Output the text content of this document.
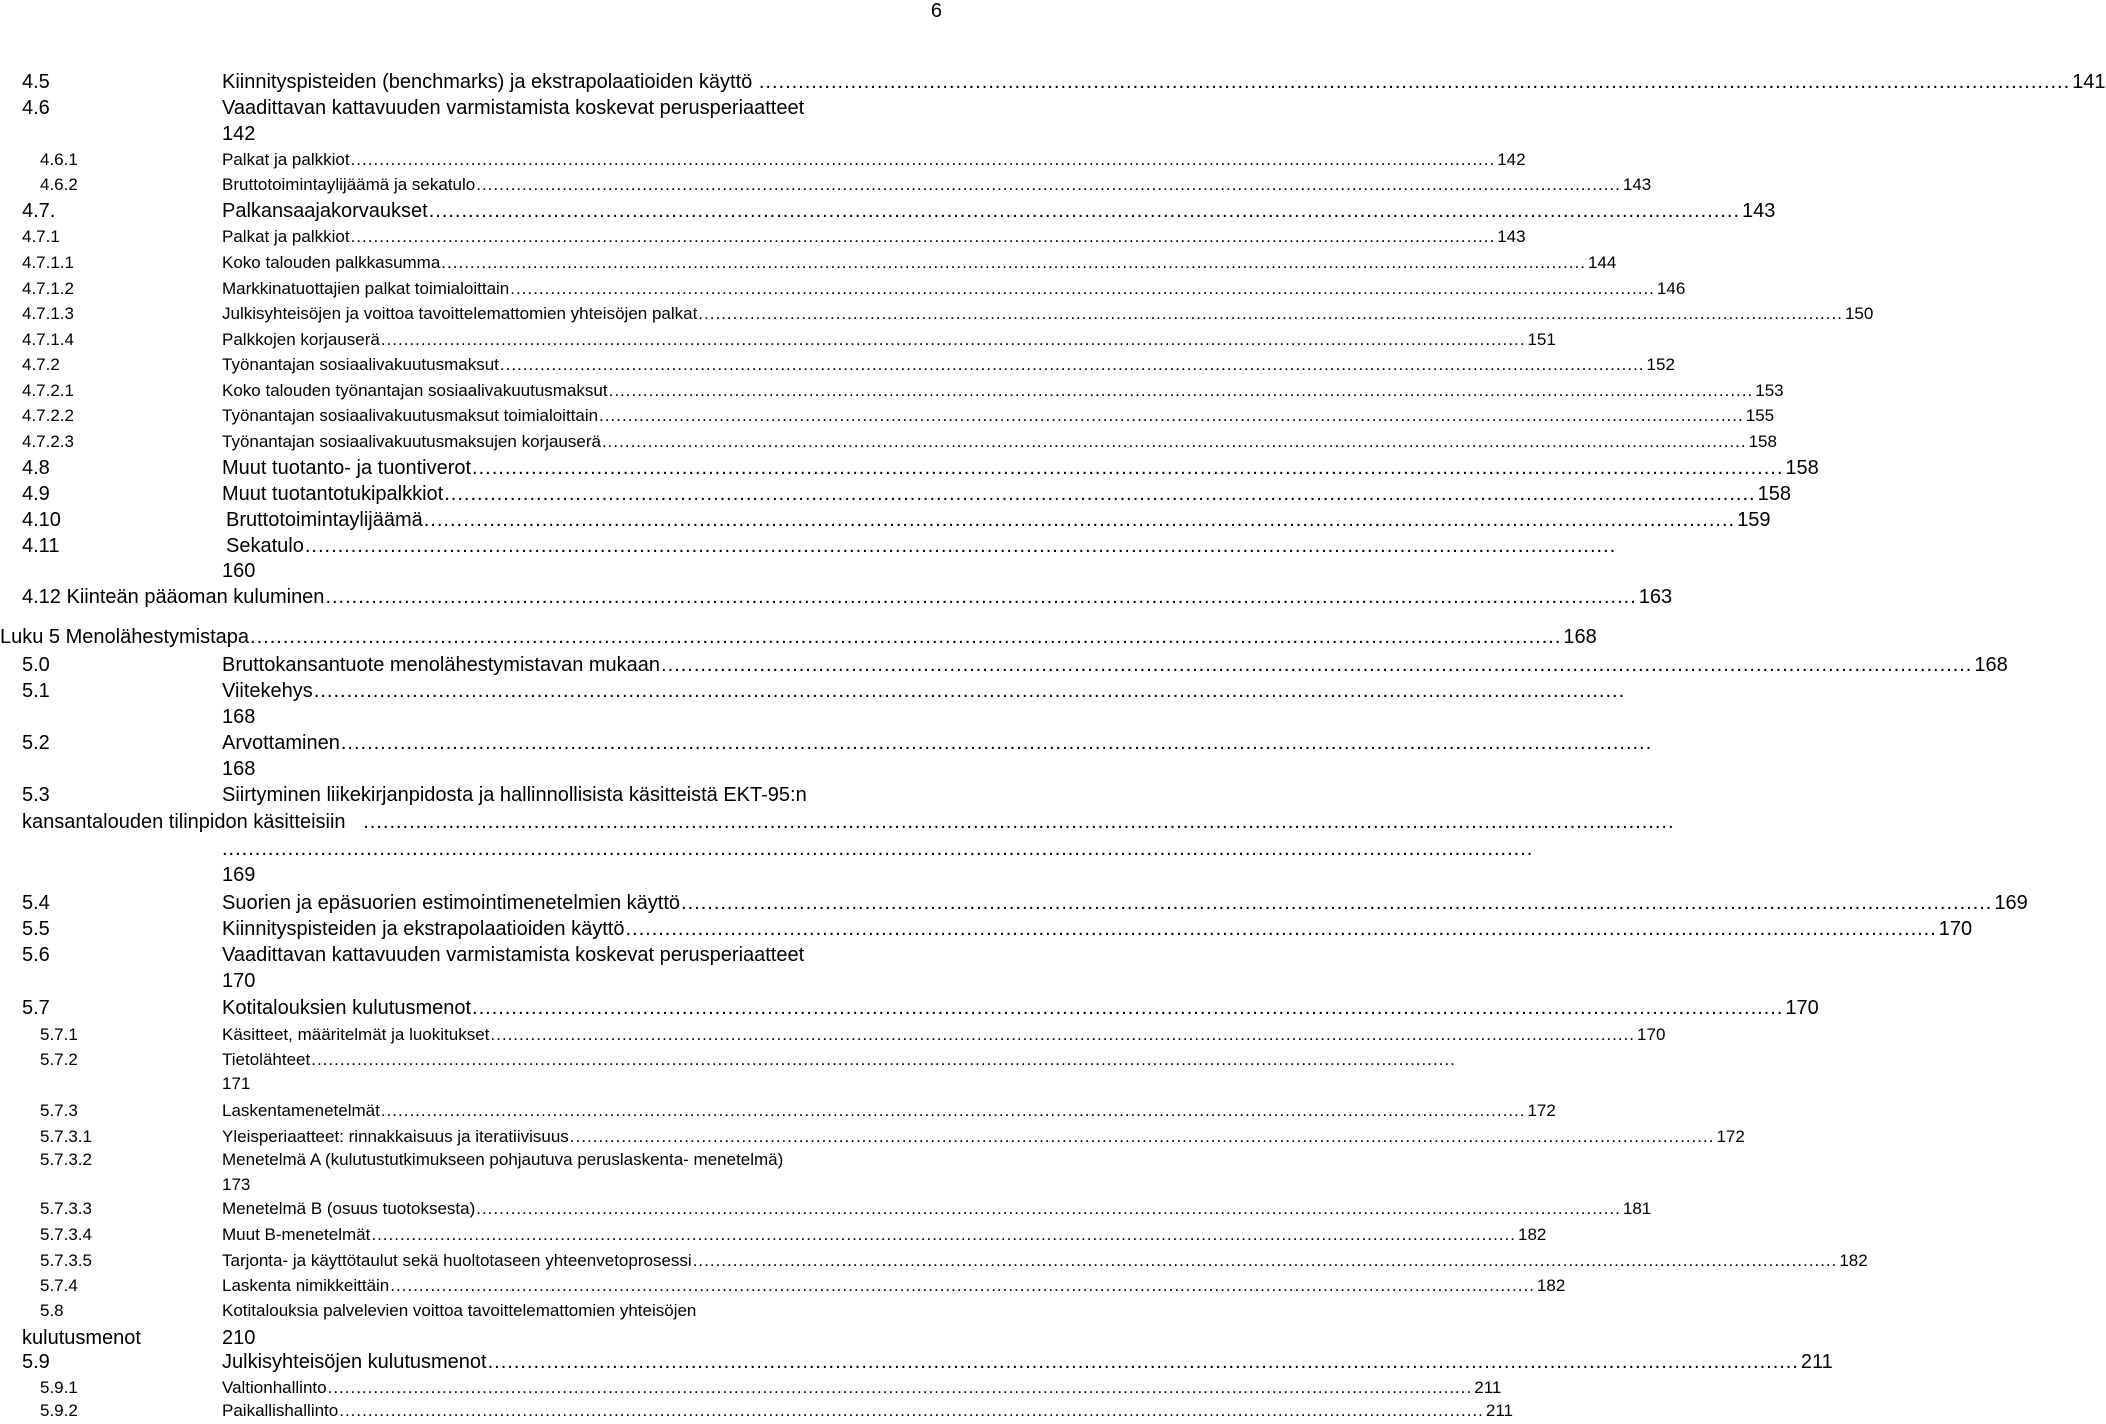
6
4.5	Kiinnityspisteiden (benchmarks) ja ekstrapolaatioiden käyttö ........................................................................................................................................................................................................ 141
4.6	Vaadittavan kattavuuden varmistamista koskevat perusperiaatteet
142
4.6.1	Palkat ja palkkiot ........................................................................................................................................................................................................ 142
4.6.2	Bruttotoimintaylijäämä ja sekatulo ........................................................................................................................................................................................................ 143
4.7.	Palkansaajakorvaukset ........................................................................................................................................................................................................ 143
4.7.1	Palkat ja palkkiot ........................................................................................................................................................................................................ 143
4.7.1.1	Koko talouden palkkasumma ........................................................................................................................................................................................................ 144
4.7.1.2	Markkinatuottajien palkat toimialoittain ........................................................................................................................................................................................................ 146
4.7.1.3	Julkisyhteisöjen ja voittoa tavoittelemattomien yhteisöjen palkat ........................................................................................................................................................................................................ 150
4.7.1.4	Palkkojen korjauserä ........................................................................................................................................................................................................ 151
4.7.2	Työnantajan sosiaalivakuutusmaksut ........................................................................................................................................................................................................ 152
4.7.2.1	Koko talouden työnantajan sosiaalivakuutusmaksut ........................................................................................................................................................................................................ 153
4.7.2.2	Työnantajan sosiaalivakuutusmaksut toimialoittain ........................................................................................................................................................................................................ 155
4.7.2.3	Työnantajan sosiaalivakuutusmaksujen korjauserä ........................................................................................................................................................................................................ 158
4.8	Muut tuotanto- ja tuontiverot ........................................................................................................................................................................................................ 158
4.9	Muut tuotantotukipalkkiot ........................................................................................................................................................................................................ 158
4.10	Bruttotoimintaylijäämä ........................................................................................................................................................................................................ 159
4.11	Sekatulo ........................................................................................................................................................................................................
160
4.12 Kiinteän pääoman kuluminen ........................................................................................................................................................................................................ 163
Luku 5 Menolähestymistapa ........................................................................................................................................................................................................ 168
5.0	Bruttokansantuote menolähestymistavan mukaan ........................................................................................................................................................................................................ 168
5.1	Viitekehys ........................................................................................................................................................................................................
168
5.2	Arvottaminen ........................................................................................................................................................................................................
168
5.3	Siirtyminen liikekirjanpidosta ja hallinnollisista käsitteistä EKT-95:n
kansantalouden tilinpidon käsitteisiin ........................................................................................................................................................................................................
........................................................................................................................................................................................................
169
5.4	Suorien ja epäsuorien estimointimenetelmien käyttö ........................................................................................................................................................................................................ 169
5.5	Kiinnityspisteiden ja ekstrapolaatioiden käyttö ........................................................................................................................................................................................................ 170
5.6	Vaadittavan kattavuuden varmistamista koskevat perusperiaatteet
170
5.7	Kotitalouksien kulutusmenot ........................................................................................................................................................................................................ 170
5.7.1	Käsitteet, määritelmät ja luokitukset ........................................................................................................................................................................................................ 170
5.7.2	Tietolähteet ........................................................................................................................................................................................................
171
5.7.3	Laskentamenetelmät ........................................................................................................................................................................................................ 172
5.7.3.1	Yleisperiaatteet: rinnakkaisuus ja iteratiivisuus ........................................................................................................................................................................................................ 172
5.7.3.2	Menetelmä A (kulutustutkimukseen pohjautuva peruslaskenta- menetelmä)
173
5.7.3.3	Menetelmä B (osuus tuotoksesta) ........................................................................................................................................................................................................ 181
5.7.3.4	Muut B-menetelmät ........................................................................................................................................................................................................ 182
5.7.3.5	Tarjonta- ja käyttötaulut sekä huoltotaseen yhteenvetoprosessi ........................................................................................................................................................................................................ 182
5.7.4	Laskenta nimikkeittäin ........................................................................................................................................................................................................ 182
5.8	Kotitalouksia palvelevien voittoa tavoittelemattomien yhteisöjen
kulutusmenot	210
5.9	Julkisyhteisöjen kulutusmenot ........................................................................................................................................................................................................ 211
5.9.1	Valtionhallinto ........................................................................................................................................................................................................ 211
5.9.2	Paikallishallinto ........................................................................................................................................................................................................ 211
